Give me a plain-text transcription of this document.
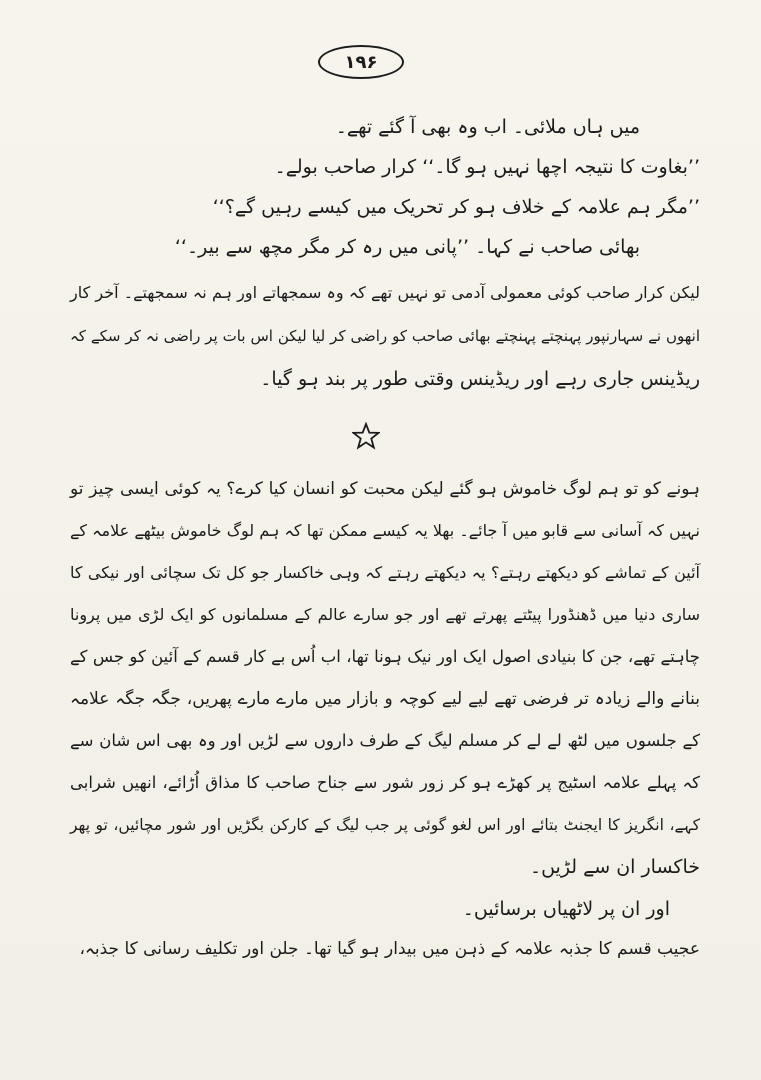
۱۹۶
میں ہاں ملائی۔ اب وہ بھی آ گئے تھے۔
’’بغاوت کا نتیجہ اچھا نہیں ہو گا۔‘‘ کرار صاحب بولے۔
’’مگر ہم علامہ کے خلاف ہو کر تحریک میں کیسے رہیں گے؟‘‘
بھائی صاحب نے کہا۔ ’’پانی میں رہ کر مگر مچھ سے بیر۔‘‘
لیکن کرار صاحب کوئی معمولی آدمی تو نہیں تھے کہ وہ سمجھاتے اور ہم نہ سمجھتے۔ آخر کار
انھوں نے سہارنپور پہنچتے پہنچتے بھائی صاحب کو راضی کر لیا لیکن اس بات پر راضی نہ کر سکے کہ
ریڈینس جاری رہے اور ریڈینس وقتی طور پر بند ہو گیا۔
ہونے کو تو ہم لوگ خاموش ہو گئے لیکن محبت کو انسان کیا کرے؟ یہ کوئی ایسی چیز تو
نہیں کہ آسانی سے قابو میں آ جائے۔ بھلا یہ کیسے ممکن تھا کہ ہم لوگ خاموش بیٹھے علامہ کے
آئین کے تماشے کو دیکھتے رہتے؟ یہ دیکھتے رہتے کہ وہی خاکسار جو کل تک سچائی اور نیکی کا
ساری دنیا میں ڈھنڈورا پیٹتے پھرتے تھے اور جو سارے عالم کے مسلمانوں کو ایک لڑی میں پرونا
چاہتے تھے، جن کا بنیادی اصول ایک اور نیک ہونا تھا، اب اُس بے کار قسم کے آئین کو جس کے
بنانے والے زیادہ تر فرضی تھے لیے لیے کوچہ و بازار میں مارے مارے پھریں، جگہ جگہ علامہ
کے جلسوں میں لٹھ لے لے کر مسلم لیگ کے طرف داروں سے لڑیں اور وہ بھی اس شان سے
کہ پہلے علامہ اسٹیج پر کھڑے ہو کر زور شور سے جناح صاحب کا مذاق اُڑائے، انھیں شرابی
کہے، انگریز کا ایجنٹ بتائے اور اس لغو گوئی پر جب لیگ کے کارکن بگڑیں اور شور مچائیں، تو پھر
خاکسار ان سے لڑیں۔
اور ان پر لاٹھیاں برسائیں۔
عجیب قسم کا جذبہ علامہ کے ذہن میں بیدار ہو گیا تھا۔ جلن اور تکلیف رسانی کا جذبہ،
